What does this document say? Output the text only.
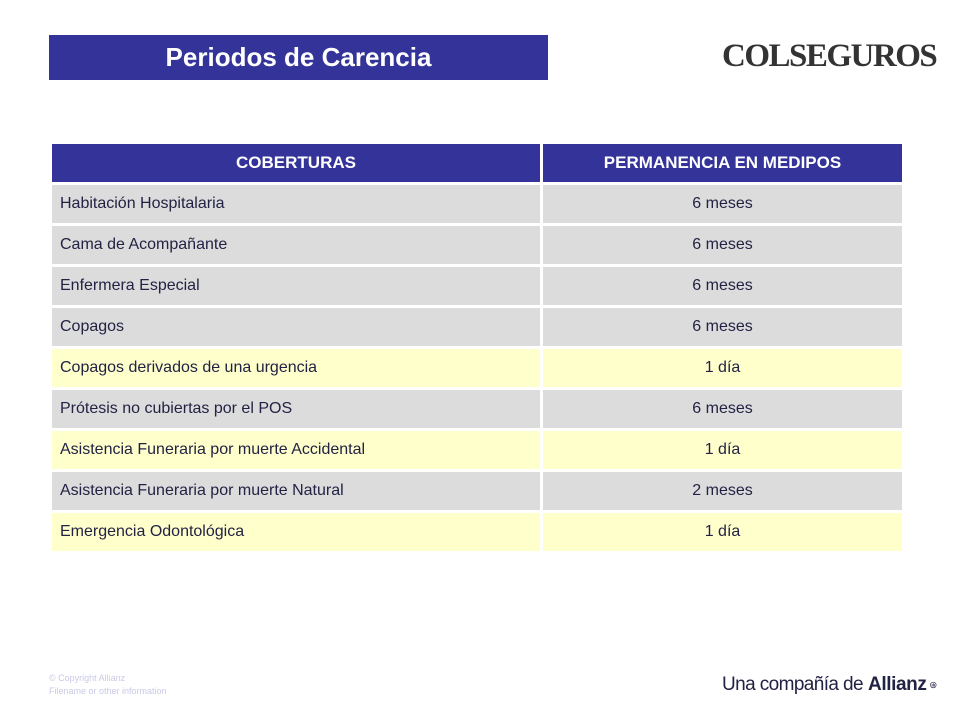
Periodos de Carencia	COLSEGUROS
COBERTURAS	PERMANENCIA EN MEDIPOS
Habitación Hospitalaria	6 meses
Cama de Acompañante	6 meses
Enfermera Especial	6 meses
Copagos	6 meses
Copagos derivados de una urgencia	1 día
Prótesis no cubiertas por el POS	6 meses
Asistencia Funeraria por muerte Accidental	1 día
Asistencia Funeraria por muerte Natural	2 meses
Emergencia Odontológica	1 día
© Copyright Allianz
Filename or other information	Una compañía de Allianz
